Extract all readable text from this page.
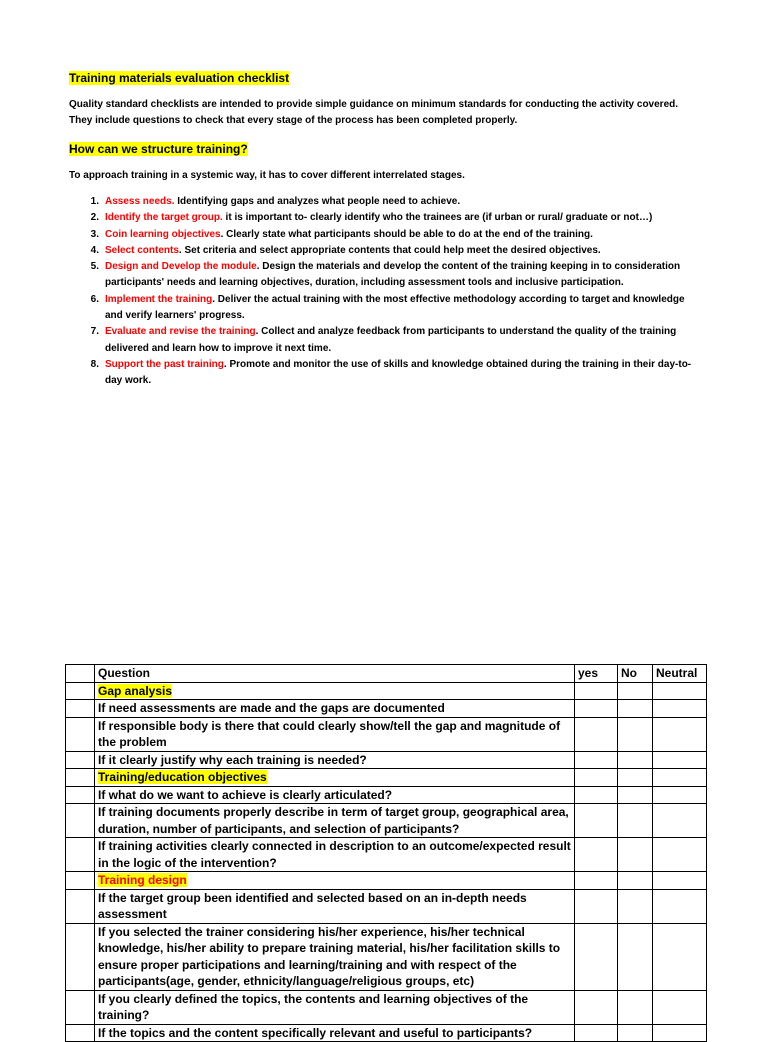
Training materials evaluation checklist

Quality standard checklists are intended to provide simple guidance on minimum standards for conducting the activity covered.

They include questions to check that every stage of the process has been completed properly.

How can we structure training?
To approach training in a systemic way, it has to cover different interrelated stages.
1. Assess needs. Identifying gaps and analyzes what people need to achieve.
2. Identify the target group. it is important to- clearly identify who the trainees are (if urban or rural/ graduate or not…)
3. Coin learning objectives. Clearly state what participants should be able to do at the end of the training.
4. Select contents. Set criteria and select appropriate contents that could help meet the desired objectives.
5. Design and Develop the module. Design the materials and develop the content of the training keeping in to consideration participants' needs and learning objectives, duration, including assessment tools and inclusive participation.
6. Implement the training. Deliver the actual training with the most effective methodology according to target and knowledge and verify learners' progress.
7. Evaluate and revise the training. Collect and analyze feedback from participants to understand the quality of the training delivered and learn how to improve it next time.
8. Support the past training. Promote and monitor the use of skills and knowledge obtained during the training in their day-to-day work.
	Question	yes	No	Neutral
	Gap analysis			
	If need assessments are made and the gaps are documented			
	If responsible body is there that could clearly show/tell the gap and magnitude of the problem			
	If it clearly justify why each training is needed?			
	Training/education objectives			
	If what do we want to achieve is clearly articulated?			
	If training documents properly describe in term of target group, geographical area, duration, number of participants, and selection of participants?			
	If training activities clearly connected in description to an outcome/expected result in the logic of the intervention?			
	Training design			
	If the target group been identified and selected based on an in-depth needs assessment			
	If you selected the trainer considering his/her experience, his/her technical knowledge, his/her ability to prepare training material, his/her facilitation skills to ensure proper participations and learning/training and with respect of the participants(age, gender, ethnicity/language/religious groups, etc)			
	If you clearly defined the topics, the contents and learning objectives of the training?			
	If the topics and the content specifically relevant and useful to participants?			
